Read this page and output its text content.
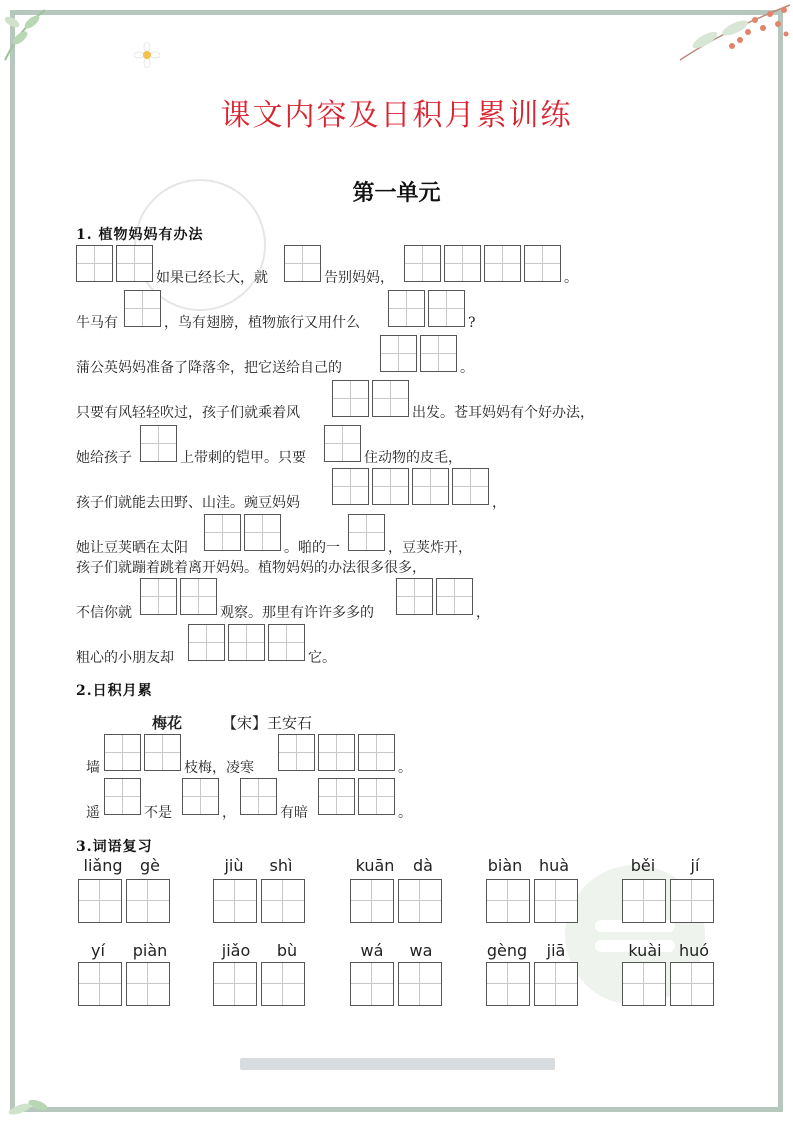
课文内容及日积月累训练
第一单元
1. 植物妈妈有办法
如果已经长大，就	告别妈妈，	。
牛马有	，鸟有翅膀，植物旅行又用什么	?
蒲公英妈妈准备了降落伞，把它送给自己的	。
只要有风轻轻吹过，孩子们就乘着风	出发。苍耳妈妈有个好办法，
她给孩子	上带刺的铠甲。只要	住动物的皮毛，
孩子们就能去田野、山洼。豌豆妈妈	，
她让豆荚晒在太阳	。啪的一	，豆荚炸开，
孩子们就蹦着跳着离开妈妈。植物妈妈的办法很多很多，
不信你就	观察。那里有许许多多的	，
粗心的小朋友却	它。
2.日积月累
梅花	【宋】王安石
墙	枝梅，凌寒	。
遥	不是	，	有暗	。
3.词语复习
liǎng	gè	jiù	shì	kuān	dà	biàn	huà	běi	jí
yí	piàn	jiǎo	bù	wá	wa	gèng	jiā	kuài	huó
